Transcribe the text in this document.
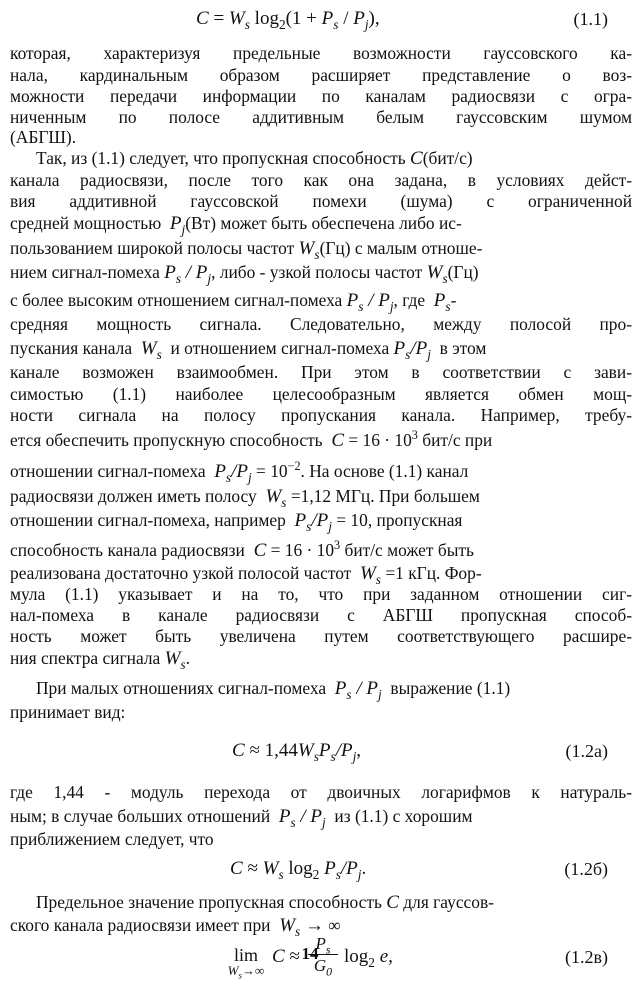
$C = W_s$ $\log_2(1 + P_s / P_j)$,	(1.1)
которая, характеризуя предельные возможности гауссовского ка-
нала, кардинальным образом расширяет представление о воз-
можности передачи информации по каналам радиосвязи с огра-
ниченным по полосе аддитивным белым гауссовским шумом
(АБГШ).
Так, из (1.1) следует, что пропускная способность C(бит/с)
канала радиосвязи, после того как она задана, в условиях дейст-
вия аддитивной гауссовской помехи (шума) с ограниченной
средней мощностью $P_j(Вт)$ может быть обеспечена либо ис-
пользованием широкой полосы частот $W_s(Гц)$ с малым отноше-
нием сигнал-помеха $P_s / P_j$, либо - узкой полосы частот $W_s(Гц)$
с более высоким отношением сигнал-помеха $P_s / P_j$, где $P_s-$
средняя мощность сигнала. Следовательно, между полосой про-
пускания канала $W_s$ и отношением сигнал-помеха $P_s/P_j$ в этом
канале возможен взаимообмен. При этом в соответствии с зави-
симостью (1.1) наиболее целесообразным является обмен мощ-
ности сигнала на полосу пропускания канала. Например, требу-
ется обеспечить пропускную способность $C = 16 \cdot 10^3$ бит/с при
отношении сигнал-помеха $P_s/P_j = 10^{-2}$. На основе (1.1) канал
радиосвязи должен иметь полосу $W_s =1,12$ МГц. При большем
отношении сигнал-помеха, например $P_s/P_j = 10$, пропускная
способность канала радиосвязи $C = 16 \cdot 10^3$ бит/с может быть
реализована достаточно узкой полосой частот $W_s =1$ кГц. Фор-
мула (1.1) указывает и на то, что при заданном отношении сиг-
нал-помеха в канале радиосвязи с АБГШ пропускная способ-
ность может быть увеличена путем соответствующего расшире-
ния спектра сигнала $W_s$.
При малых отношениях сигнал-помеха $P_s / P_j$ выражение (1.1)
принимает вид:
$C \approx 1,44W_sP_s/P_j$,	(1.2a)
где 1,44 - модуль перехода от двоичных логарифмов к натураль-
ным; в случае больших отношений $P_s / P_j$ из (1.1) с хорошим
приближением следует, что
$C \approx W_s$ $\log_2 P_s/P_j$.	(1.2б)
Предельное значение пропускная способность C для гауссов-
ского канала радиосвязи имеет при $W_s$ → ∞
lim
$W_s\to\infty$
$C \approx \frac{P_s}{G_0} \log_2 e$,	(1.2в)
14
